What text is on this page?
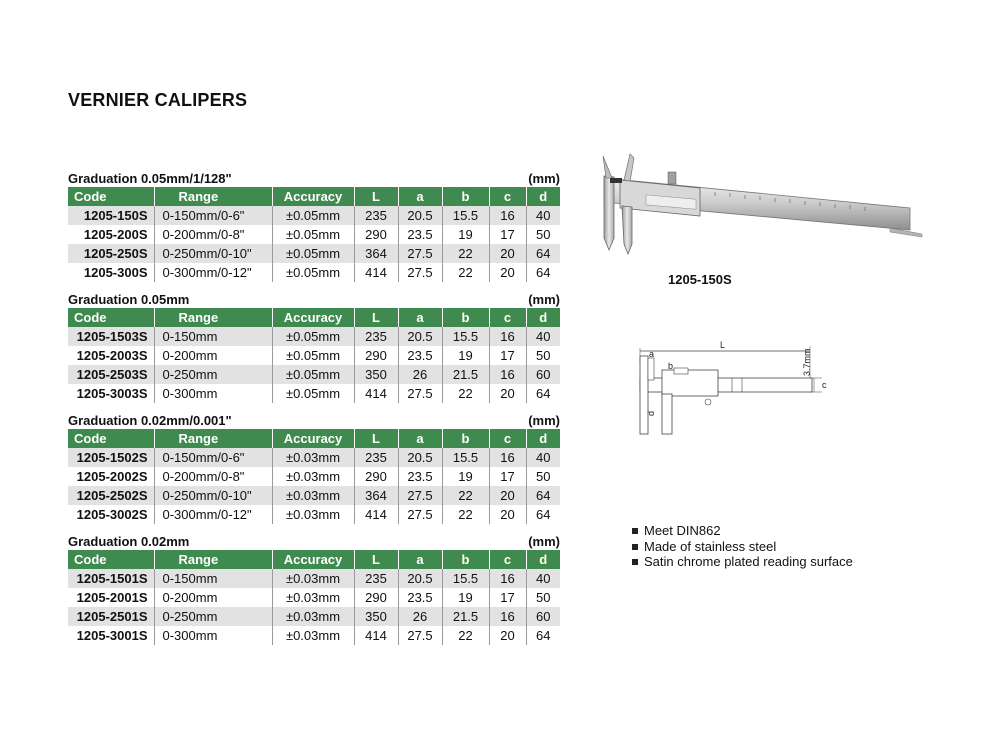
VERNIER CALIPERS
Graduation 0.05mm/1/128"	(mm)
Code	Range	Accuracy	L	a	b	c	d
1205-150S	0-150mm/0-6"	±0.05mm	235	20.5	15.5	16	40
1205-200S	0-200mm/0-8"	±0.05mm	290	23.5	19	17	50
1205-250S	0-250mm/0-10"	±0.05mm	364	27.5	22	20	64
1205-300S	0-300mm/0-12"	±0.05mm	414	27.5	22	20	64
Graduation 0.05mm	(mm)
Code	Range	Accuracy	L	a	b	c	d
1205-1503S	0-150mm	±0.05mm	235	20.5	15.5	16	40
1205-2003S	0-200mm	±0.05mm	290	23.5	19	17	50
1205-2503S	0-250mm	±0.05mm	350	26	21.5	16	60
1205-3003S	0-300mm	±0.05mm	414	27.5	22	20	64
Graduation 0.02mm/0.001"	(mm)
Code	Range	Accuracy	L	a	b	c	d
1205-1502S	0-150mm/0-6"	±0.03mm	235	20.5	15.5	16	40
1205-2002S	0-200mm/0-8"	±0.03mm	290	23.5	19	17	50
1205-2502S	0-250mm/0-10"	±0.03mm	364	27.5	22	20	64
1205-3002S	0-300mm/0-12"	±0.03mm	414	27.5	22	20	64
Graduation 0.02mm	(mm)
Code	Range	Accuracy	L	a	b	c	d
1205-1501S	0-150mm	±0.03mm	235	20.5	15.5	16	40
1205-2001S	0-200mm	±0.03mm	290	23.5	19	17	50
1205-2501S	0-250mm	±0.03mm	350	26	21.5	16	60
1205-3001S	0-300mm	±0.03mm	414	27.5	22	20	64
1205-150S
L
a
b
c
d
3.7mm
Meet DIN862
Made of stainless steel
Satin chrome plated reading surface
